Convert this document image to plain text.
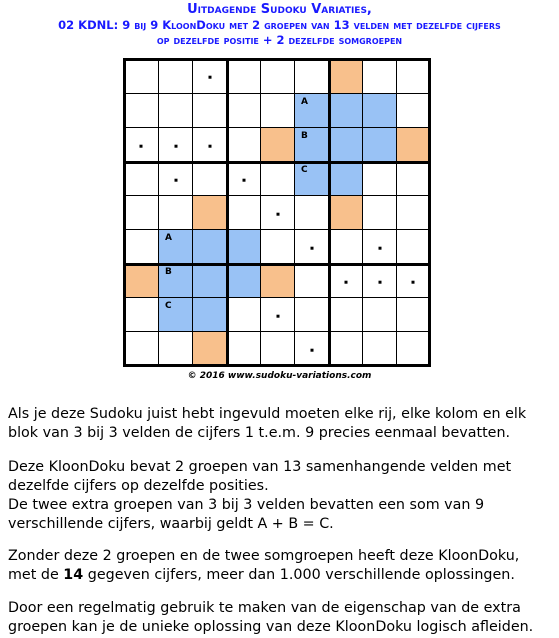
Uitdagende Sudoku Variaties,
02 KDNL: 9 bij 9 KloonDoku met 2 groepen van 13 velden met dezelfde cijfers
op dezelfde positie + 2 dezelfde somgroepen
A
B
C
A
B
C
© 2016 www.sudoku-variations.com
Als je deze Sudoku juist hebt ingevuld moeten elke rij, elke kolom en elk
blok van 3 bij 3 velden de cijfers 1 t.e.m. 9 precies eenmaal bevatten.
Deze KloonDoku bevat 2 groepen van 13 samenhangende velden met
dezelfde cijfers op dezelfde posities.
De twee extra groepen van 3 bij 3 velden bevatten een som van 9
verschillende cijfers, waarbij geldt A + B = C.
Zonder deze 2 groepen en de twee somgroepen heeft deze KloonDoku,
met de 14 gegeven cijfers, meer dan 1.000 verschillende oplossingen.
Door een regelmatig gebruik te maken van de eigenschap van de extra
groepen kan je de unieke oplossing van deze KloonDoku logisch afleiden.
